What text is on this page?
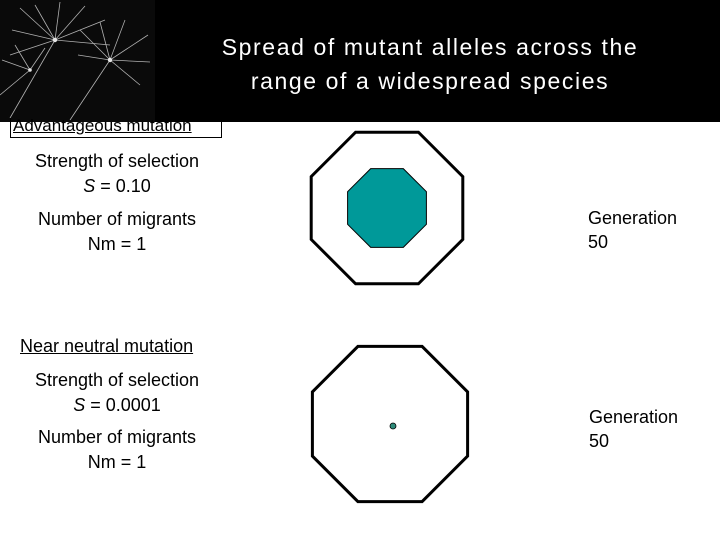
Spread of mutant alleles across the
range of a widespread species
Advantageous mutation
Strength of selection
S = 0.10
Number of migrants
Nm = 1
Generation
50
Near neutral mutation
Strength of selection
S = 0.0001
Number of migrants
Nm = 1
Generation
50
